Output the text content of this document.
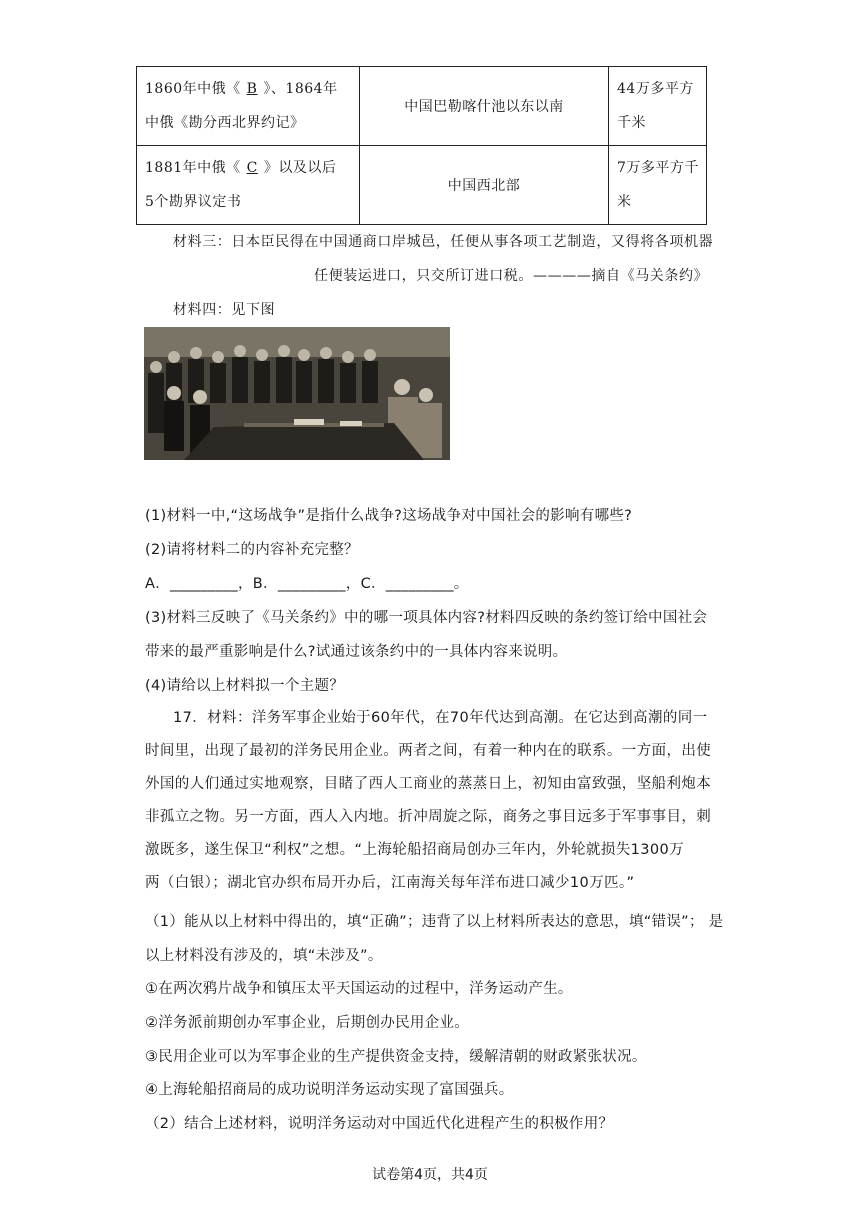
1860年中俄《 B 》、1864年
中俄《勘分西北界约记》	中国巴勒喀什池以东以南	44万多平方
千米
1881年中俄《 C 》以及以后
5个勘界议定书	中国西北部	7万多平方千
米
材料三：日本臣民得在中国通商口岸城邑，任便从事各项工艺制造，又得将各项机器
任便装运进口，只交所订进口税。————摘自《马关条约》
材料四：见下图
(1)材料一中,“这场战争”是指什么战争?这场战争对中国社会的影响有哪些?
(2)请将材料二的内容补充完整？
A．_________，B．_________，C．_________。
(3)材料三反映了《马关条约》中的哪一项具体内容?材料四反映的条约签订给中国社会
带来的最严重影响是什么?试通过该条约中的一具体内容来说明。
(4)请给以上材料拟一个主题？
17．材料：洋务军事企业始于60年代，在70年代达到高潮。在它达到高潮的同一
时间里，出现了最初的洋务民用企业。两者之间，有着一种内在的联系。一方面，出使
外国的人们通过实地观察，目睹了西人工商业的蒸蒸日上，初知由富致强，坚船利炮本
非孤立之物。另一方面，西人入内地。折冲周旋之际，商务之事目远多于军事事目，刺
激既多，遂生保卫“利权”之想。“上海轮船招商局创办三年内，外轮就损失1300万
两（白银）；湖北官办织布局开办后，江南海关每年洋布进口减少10万匹。”
（1）能从以上材料中得出的，填“正确”；违背了以上材料所表达的意思，填“错误”； 是
以上材料没有涉及的，填“未涉及”。
①在两次鸦片战争和镇压太平天国运动的过程中，洋务运动产生。
②洋务派前期创办军事企业，后期创办民用企业。
③民用企业可以为军事企业的生产提供资金支持，缓解清朝的财政紧张状况。
④上海轮船招商局的成功说明洋务运动实现了富国强兵。
（2）结合上述材料，说明洋务运动对中国近代化进程产生的积极作用？
试卷第4页，共4页
